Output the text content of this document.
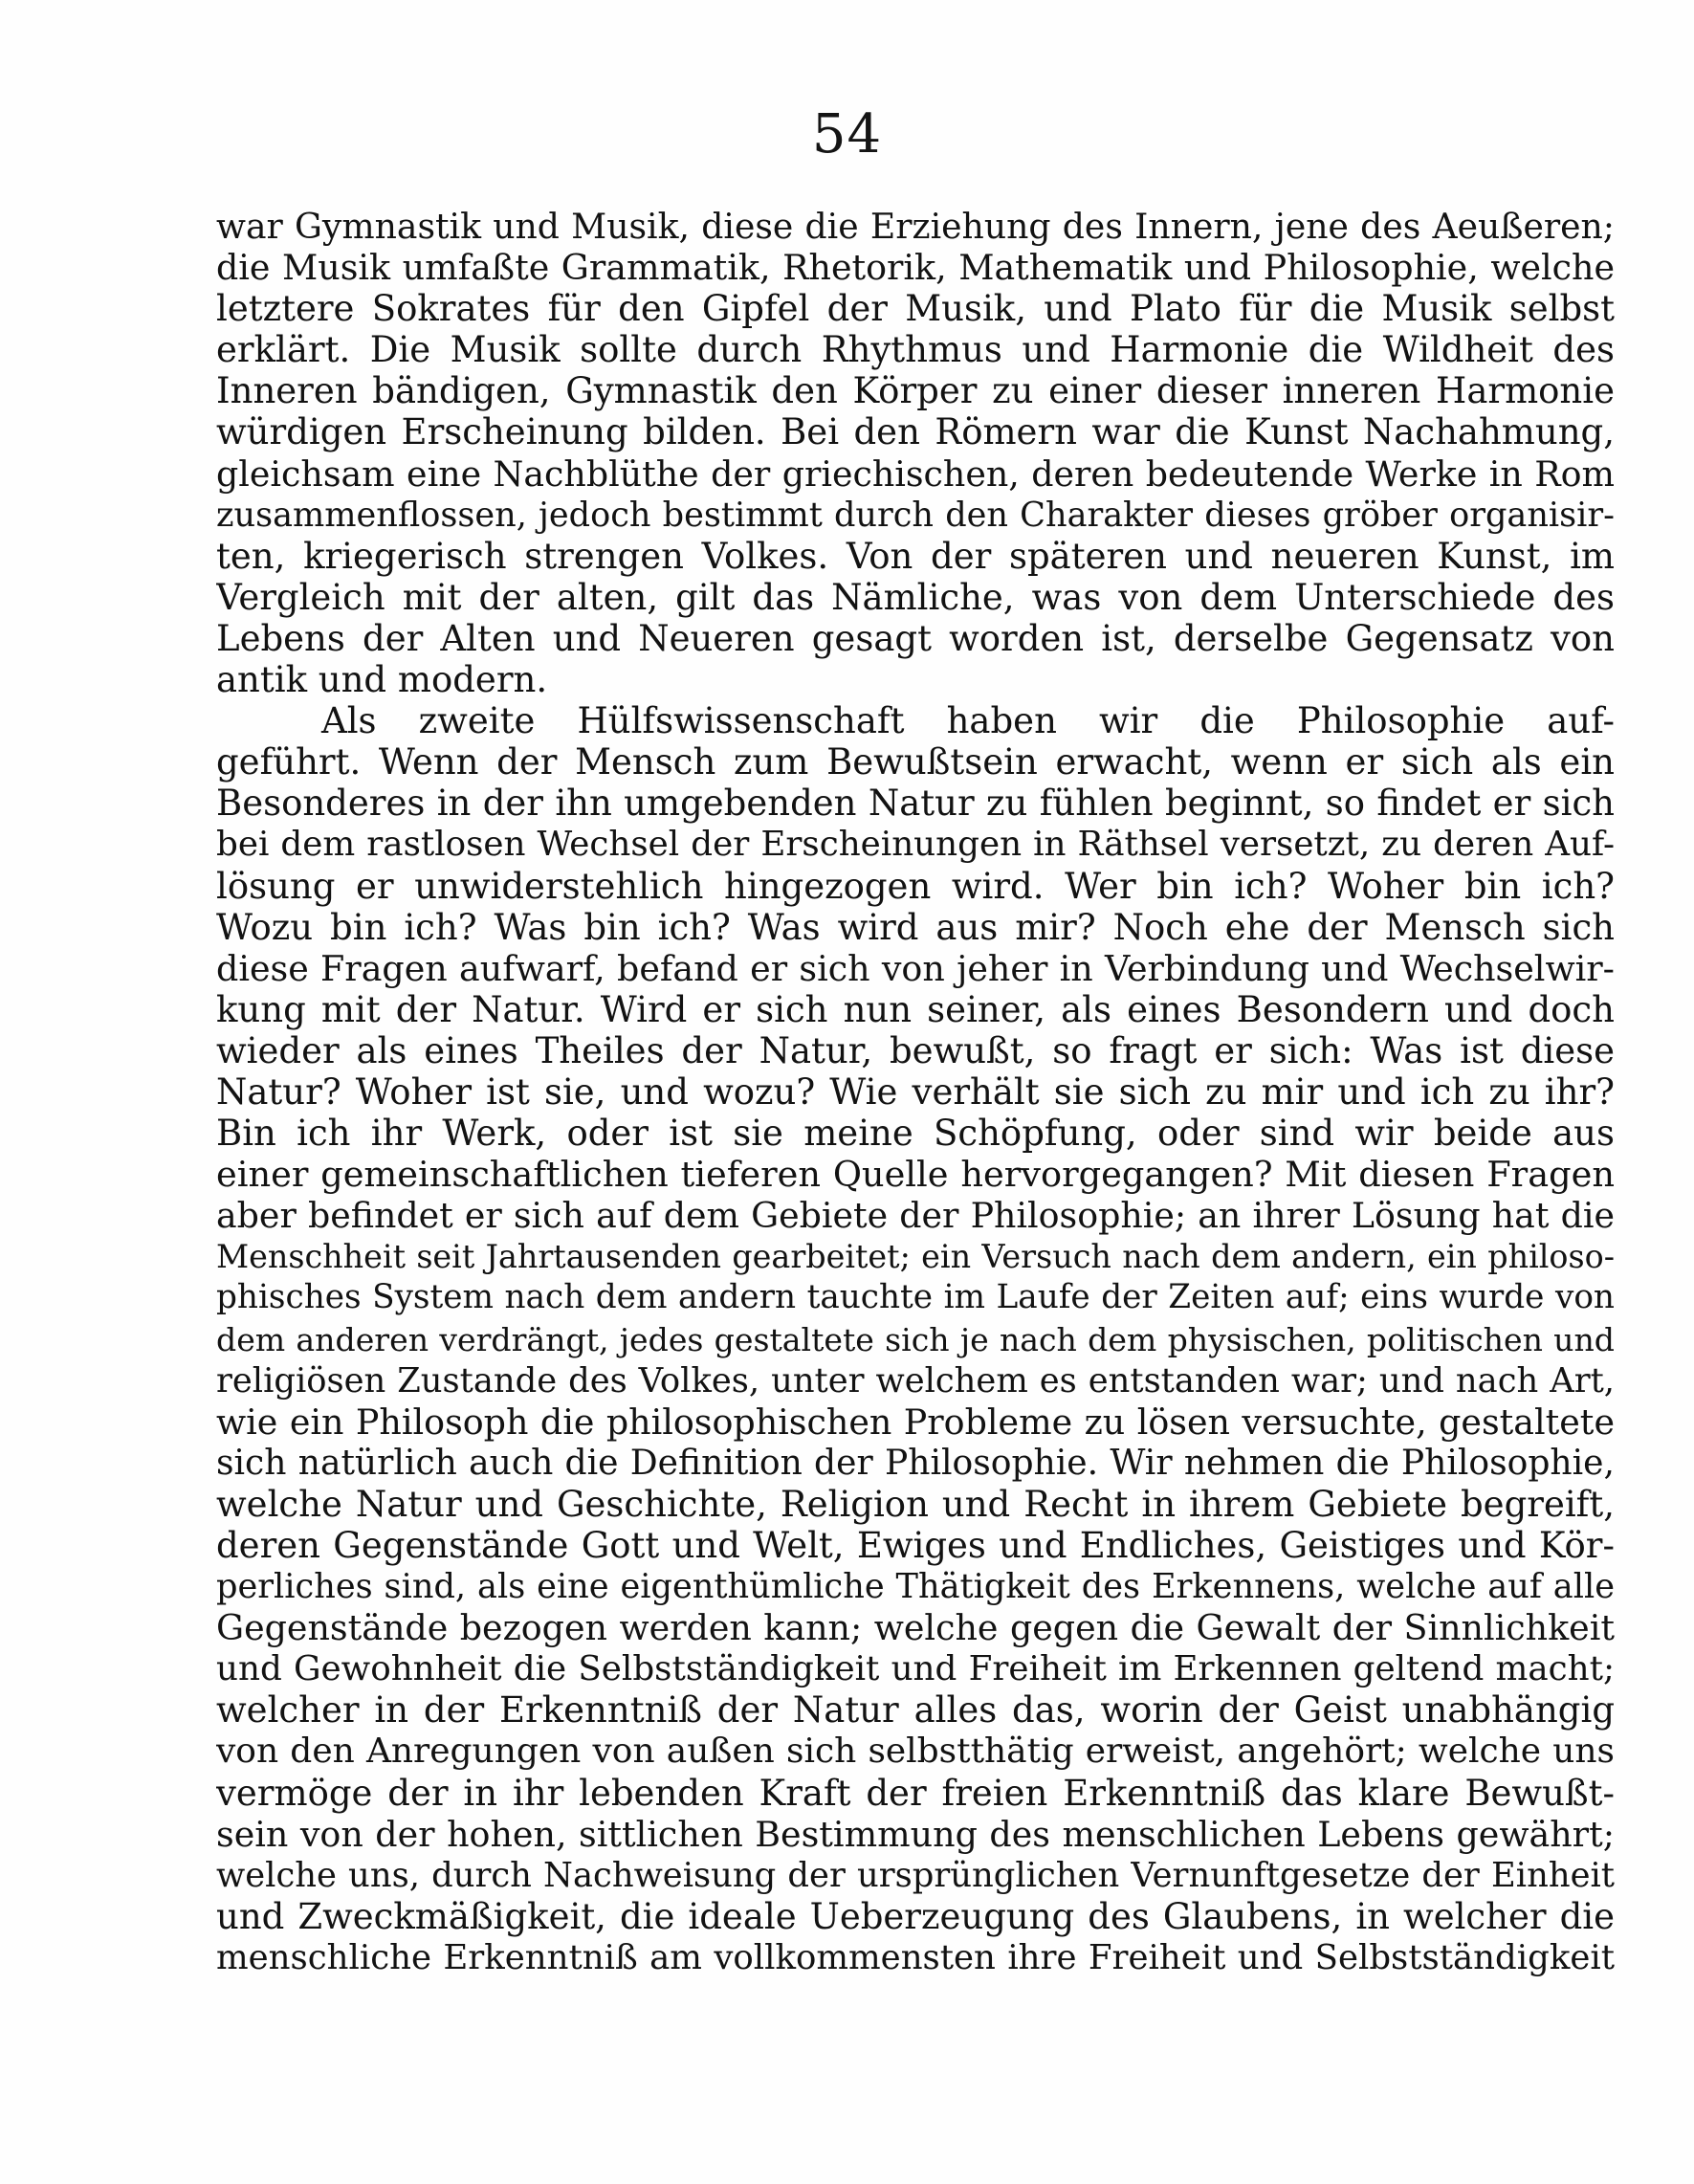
54
war Gymnastik und Musik, diese die Erziehung des Innern, jene des Aeußeren;
die Musik umfaßte Grammatik, Rhetorik, Mathematik und Philosophie, welche
letztere Sokrates für den Gipfel der Musik, und Plato für die Musik selbst
erklärt. Die Musik sollte durch Rhythmus und Harmonie die Wildheit des
Inneren bändigen, Gymnastik den Körper zu einer dieser inneren Harmonie
würdigen Erscheinung bilden. Bei den Römern war die Kunst Nachahmung,
gleichsam eine Nachblüthe der griechischen, deren bedeutende Werke in Rom
zusammenflossen, jedoch bestimmt durch den Charakter dieses gröber organisir-
ten, kriegerisch strengen Volkes. Von der späteren und neueren Kunst, im
Vergleich mit der alten, gilt das Nämliche, was von dem Unterschiede des
Lebens der Alten und Neueren gesagt worden ist, derselbe Gegensatz von
antik und modern.
Als zweite Hülfswissenschaft haben wir die Philosophie auf-
geführt. Wenn der Mensch zum Bewußtsein erwacht, wenn er sich als ein
Besonderes in der ihn umgebenden Natur zu fühlen beginnt, so findet er sich
bei dem rastlosen Wechsel der Erscheinungen in Räthsel versetzt, zu deren Auf-
lösung er unwiderstehlich hingezogen wird. Wer bin ich? Woher bin ich?
Wozu bin ich? Was bin ich? Was wird aus mir? Noch ehe der Mensch sich
diese Fragen aufwarf, befand er sich von jeher in Verbindung und Wechselwir-
kung mit der Natur. Wird er sich nun seiner, als eines Besondern und doch
wieder als eines Theiles der Natur, bewußt, so fragt er sich: Was ist diese
Natur? Woher ist sie, und wozu? Wie verhält sie sich zu mir und ich zu ihr?
Bin ich ihr Werk, oder ist sie meine Schöpfung, oder sind wir beide aus
einer gemeinschaftlichen tieferen Quelle hervorgegangen? Mit diesen Fragen
aber befindet er sich auf dem Gebiete der Philosophie; an ihrer Lösung hat die
Menschheit seit Jahrtausenden gearbeitet; ein Versuch nach dem andern, ein philoso-
phisches System nach dem andern tauchte im Laufe der Zeiten auf; eins wurde von
dem anderen verdrängt, jedes gestaltete sich je nach dem physischen, politischen und
religiösen Zustande des Volkes, unter welchem es entstanden war; und nach Art,
wie ein Philosoph die philosophischen Probleme zu lösen versuchte, gestaltete
sich natürlich auch die Definition der Philosophie. Wir nehmen die Philosophie,
welche Natur und Geschichte, Religion und Recht in ihrem Gebiete begreift,
deren Gegenstände Gott und Welt, Ewiges und Endliches, Geistiges und Kör-
perliches sind, als eine eigenthümliche Thätigkeit des Erkennens, welche auf alle
Gegenstände bezogen werden kann; welche gegen die Gewalt der Sinnlichkeit
und Gewohnheit die Selbstständigkeit und Freiheit im Erkennen geltend macht;
welcher in der Erkenntniß der Natur alles das, worin der Geist unabhängig
von den Anregungen von außen sich selbstthätig erweist, angehört; welche uns
vermöge der in ihr lebenden Kraft der freien Erkenntniß das klare Bewußt-
sein von der hohen, sittlichen Bestimmung des menschlichen Lebens gewährt;
welche uns, durch Nachweisung der ursprünglichen Vernunftgesetze der Einheit
und Zweckmäßigkeit, die ideale Ueberzeugung des Glaubens, in welcher die
menschliche Erkenntniß am vollkommensten ihre Freiheit und Selbstständigkeit
